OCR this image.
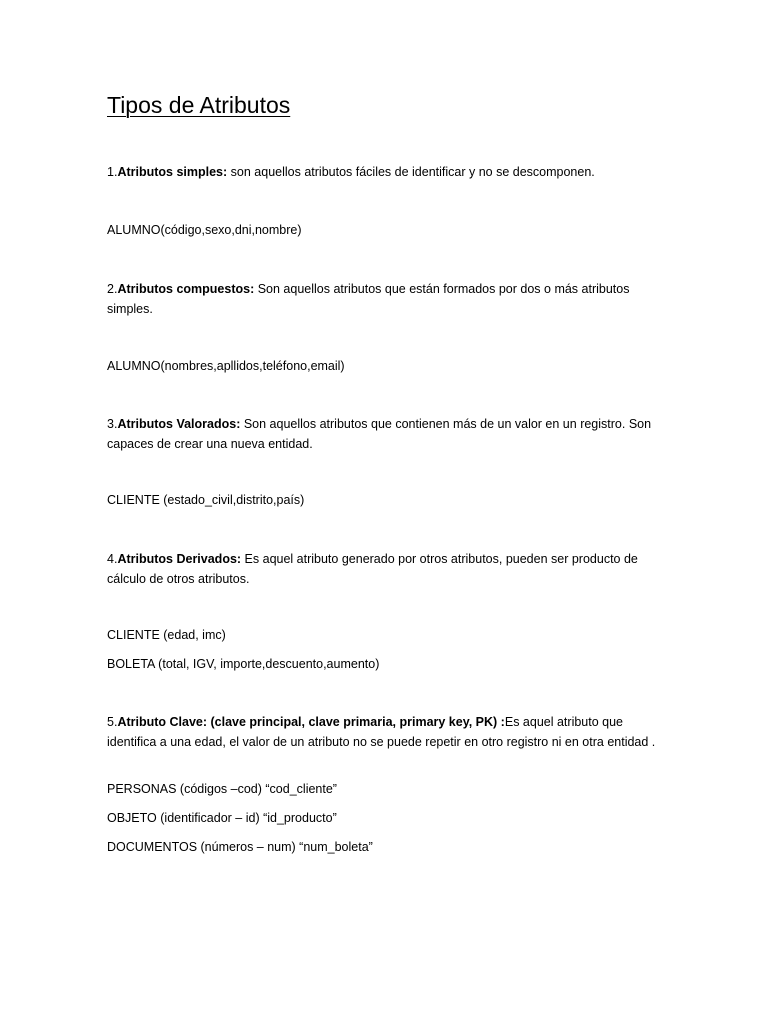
Tipos de Atributos

1.Atributos simples: son aquellos atributos fáciles de identificar y no se descomponen.

ALUMNO(código,sexo,dni,nombre)

2.Atributos compuestos: Son aquellos atributos que están formados por dos o más atributos simples.

ALUMNO(nombres,apllidos,teléfono,email)

3.Atributos Valorados: Son aquellos atributos que contienen más de un valor en un registro. Son capaces de crear una nueva entidad.

CLIENTE (estado_civil,distrito,país)

4.Atributos Derivados: Es aquel atributo generado por otros atributos, pueden ser producto de cálculo de otros atributos.

CLIENTE (edad, imc)

BOLETA (total, IGV, importe,descuento,aumento)

5.Atributo Clave: (clave principal, clave primaria, primary key, PK) :Es aquel atributo que identifica a una edad, el valor de un atributo no se puede repetir en otro registro ni en otra entidad .

PERSONAS (códigos –cod) “cod_cliente”

OBJETO (identificador – id) “id_producto”

DOCUMENTOS (números – num) “num_boleta”
